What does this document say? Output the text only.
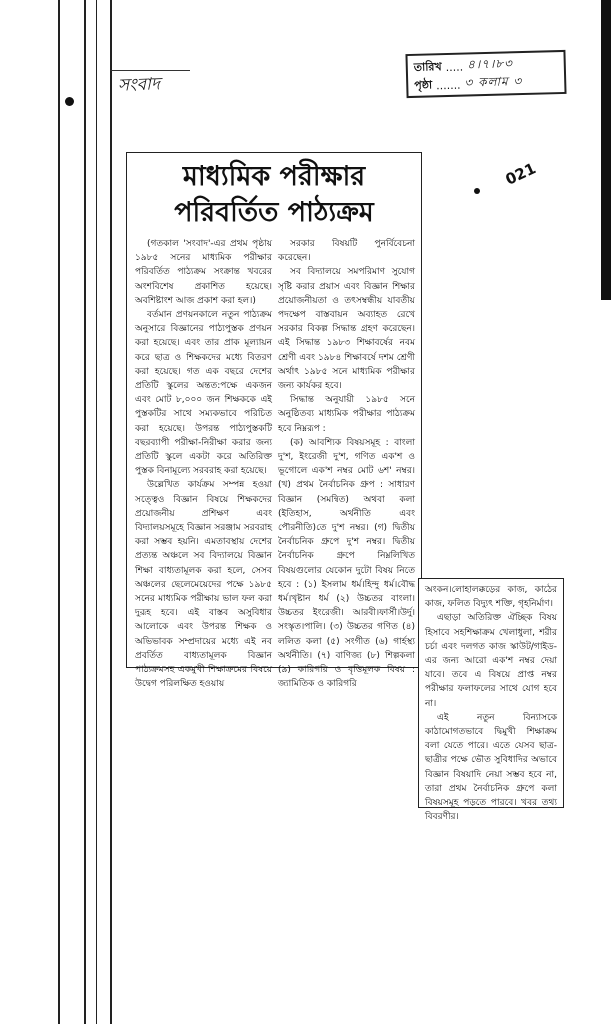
সংবাদ
তারিখ ..... ৪।৭।৮৩
পৃষ্ঠা ....... ৩ কলাম ৩
021
মাধ্যমিক পরীক্ষার
পরিবর্তিত পাঠ্যক্রম

(গতকাল 'সংবাদ'-এর প্রথম পৃষ্ঠায় ১৯৮৫ সনের মাধ্যমিক পরীক্ষার পরিবর্তিত পাঠ্যক্রম সংক্রান্ত খবরের অংশবিশেষ প্রকাশিত হয়েছে। অবশিষ্টাংশ আজ প্রকাশ করা হল।)

বর্তমান প্রণয়নকালে নতুন পাঠ্যক্রম অনুসারে বিজ্ঞানের পাঠ্যপুস্তক প্রণয়ন করা হয়েছে। এবং তার প্রাক মূল্যায়ন করে ছাত্র ও শিক্ষকদের মধ্যে বিতরণ করা হয়েছে। গত এক বছরে দেশের প্রতিটি স্কুলের অন্তত:পক্ষে একজন এবং মোট ৮,০০০ জন শিক্ষককে এই পুস্তকটির সাথে সম্যকভাবে পরিচিত করা হয়েছে। উপরন্ত পাঠ্যপুস্তকটি বছরব্যাপী পরীক্ষা-নিরীক্ষা করার জন্য প্রতিটি স্কুলে একটা করে অতিরিক্ত পুস্তক বিনামূল্যে সরবরাহ করা হয়েছে।

উল্লেখিত কার্যক্রম সম্পন্ন হওয়া সত্ত্বেও বিজ্ঞান বিষয়ে শিক্ষকদের প্রয়োজনীয় প্রশিক্ষণ এবং বিদ্যালয়সমূহে বিজ্ঞান সরঞ্জাম সরবরাহ করা সম্ভব হয়নি। এমতাবস্থায় দেশের প্রত্যন্ত অঞ্চলে সব বিদ্যালয়ে বিজ্ঞান শিক্ষা বাধ্যতামূলক করা হলে, সেসব অঞ্চলের ছেলেমেয়েদের পক্ষে ১৯৮৫ সনের মাধ্যমিক পরীক্ষায় ভাল ফল করা দুরূহ হবে। এই বাস্তব অসুবিধার আলোকে এবং উপরন্ত শিক্ষক ও অভিভাবক সম্প্রদায়ের মধ্যে এই নব প্রবর্তিত বাধ্যতামূলক বিজ্ঞান পাঠ্যক্রমসহ একমুখী শিক্ষাক্রমের বিষয়ে উদ্বেগ পরিলক্ষিত হওয়ায়

সরকার বিষয়টি পুনর্বিবেচনা করেছেন।

সব বিদ্যালয়ে সমপরিমাণ সুযোগ সৃষ্টি করার প্রয়াস এবং বিজ্ঞান শিক্ষার প্রয়োজনীয়তা ও তৎসম্বন্ধীয় যাবতীয় পদক্ষেপ বাস্তবায়ন অব্যাহত রেখে সরকার বিকল্প সিদ্ধান্ত গ্রহণ করেছেন। এই সিদ্ধান্ত ১৯৮৩ শিক্ষাবর্ষের নবম শ্রেণী এবং ১৯৮৪ শিক্ষাবর্ষে দশম শ্রেণী অর্থাৎ ১৯৮৫ সনে মাধ্যমিক পরীক্ষার জন্য কার্যকর হবে।

সিদ্ধান্ত অনুযায়ী ১৯৮৫ সনে অনুষ্ঠিতব্য মাধ্যমিক পরীক্ষার পাঠ্যক্রম হবে নিম্নরূপ :

(ক) আবশ্যিক বিষয়সমূহ : বাংলা দু'শ, ইংরেজী দু'শ, গণিত এক'শ ও ভূগোলে এক'শ নম্বর মোট ৬শ' নম্বর। (খ) প্রথম নৈর্বাচনিক গ্রুপ : সাধারণ বিজ্ঞান (সমন্বিত) অথবা কলা (ইতিহাস, অর্থনীতি এবং পৌরনীতি)তে দু'শ নম্বর। (গ) দ্বিতীয় নৈর্বাচনিক গ্রুপে দু'শ নম্বর। দ্বিতীয় নৈর্বাচনিক গ্রুপে নিম্নলিখিত বিষয়গুলোর যেকোন দুটো বিষয় নিতে হবে : (১) ইসলাম ধর্ম।হিন্দু ধর্ম।বৌদ্ধ ধর্ম।খৃষ্টান ধর্ম (২) উচ্চতর বাংলা।উচ্চতর ইংরেজী। আরবী।ফার্সী।উর্দু।সংস্কৃত।পালি। (৩) উচ্চতর গণিত (৪) ললিত কলা (৫) সংগীত (৬) গার্হস্থ্য অর্থনীতি। (৭) বাণিজ্য (৮) শিল্পকলা (৯) কারিগরি ও বৃত্তিমূলক বিষয় : জ্যামিতিক ও কারিগরি

অংকন।লোহালক্কড়ের কাজ, কাঠের কাজ, ফলিত বিদ্যুৎ শক্তি, গৃহনির্মাণ।

এছাড়া অতিরিক্ত ঐচ্ছিক বিষয় হিসাবে সহশিক্ষাক্রম খেলাধুলা, শরীর চর্চা এবং দলগত কাজ স্কাউট/গাইড-এর জন্য আরো এক'শ নম্বর দেয়া যাবে। তবে এ বিষয়ে প্রাপ্ত নম্বর পরীক্ষার ফলাফলের সাথে যোগ হবে না।

এই নতুন বিন্যাসকে কাঠামোগতভাবে দ্বিমুখী শিক্ষাক্রম বলা যেতে পারে। এতে যেসব ছাত্র-ছাত্রীর পক্ষে ভৌত সুবিধাদির অভাবে বিজ্ঞান বিষয়াদি নেয়া সম্ভব হবে না, তারা প্রথম নৈর্বাচনিক গ্রুপে কলা বিষয়সমূহ পড়তে পারবে। খবর তথ্য বিবরণীর।
